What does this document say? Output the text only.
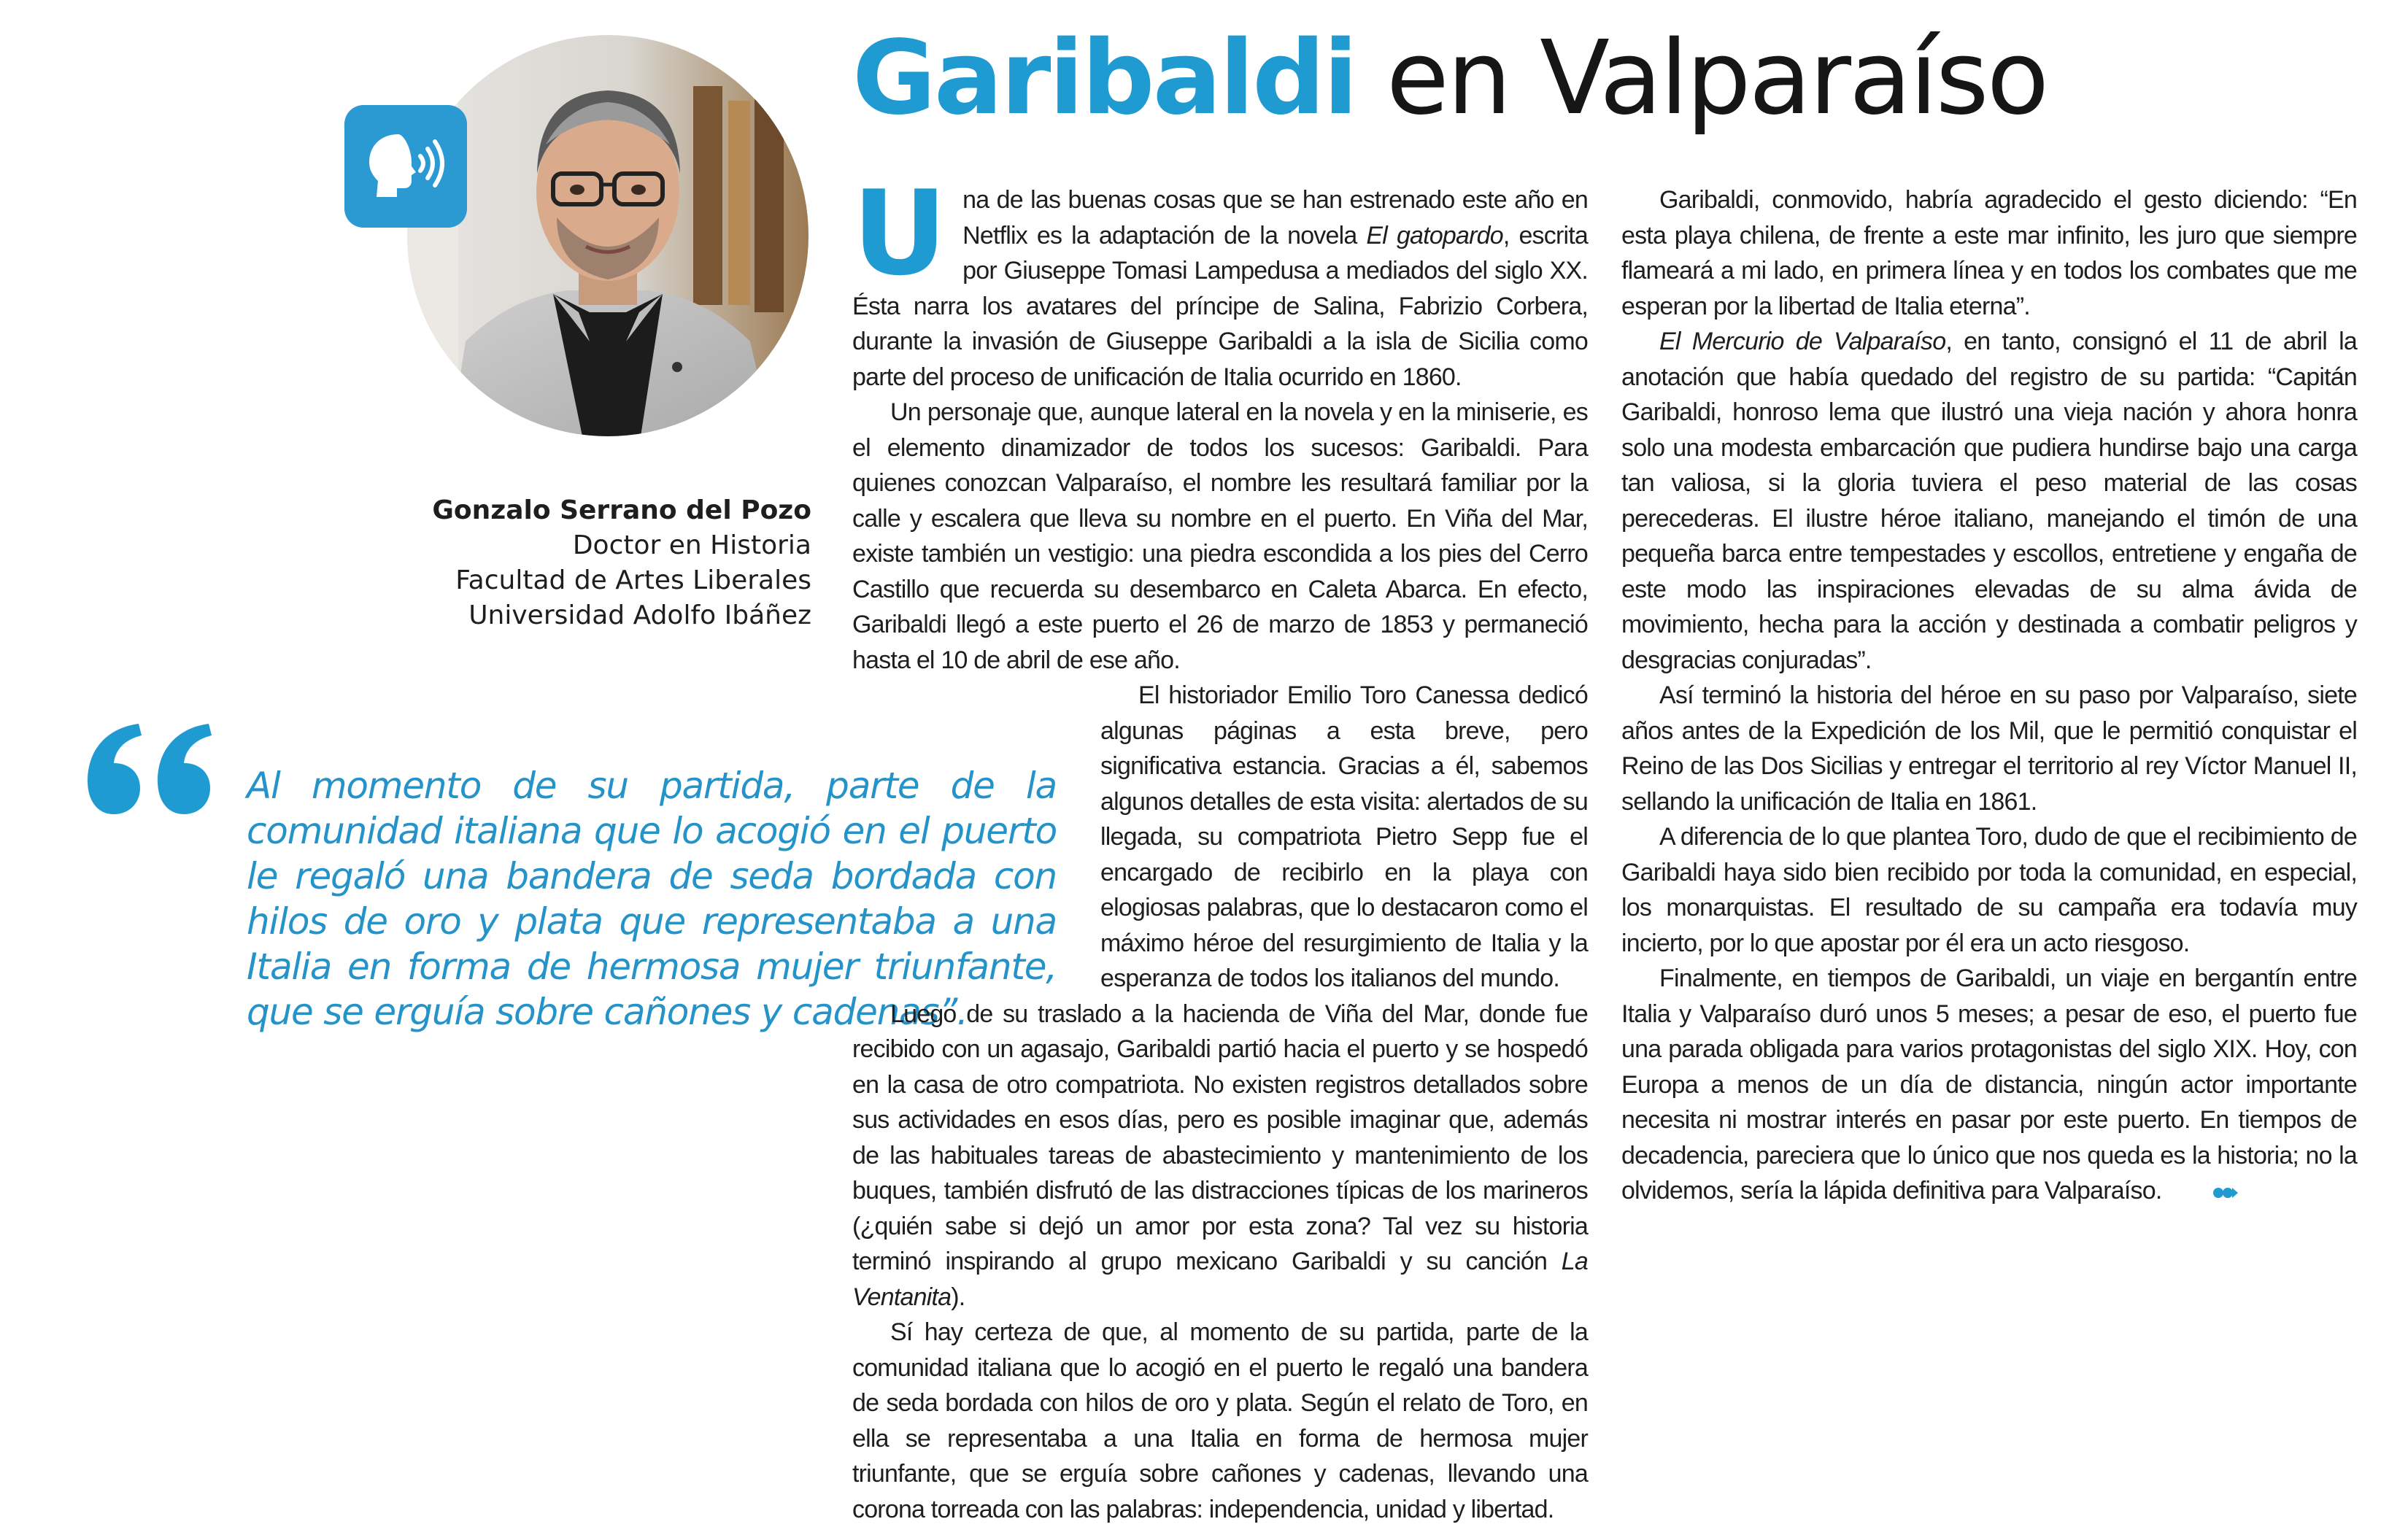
Garibaldi en Valparaíso
Gonzalo Serrano del Pozo
Doctor en Historia
Facultad de Artes Liberales
Universidad Adolfo Ibáñez

Al momento de su partida, parte de la comunidad italiana que lo acogió en el puerto le regaló una bandera de seda bordada con hilos de oro y plata que representaba a una Italia en forma de hermosa mujer triunfante, que se erguía sobre cañones y cadenas”.

Una de las buenas cosas que se han estrenado este año en Netflix es la adaptación de la novela El gatopardo, escrita por Giuseppe Tomasi Lampedusa a mediados del siglo XX. Ésta narra los avatares del príncipe de Salina, Fabrizio Corbera, durante la invasión de Giuseppe Garibaldi a la isla de Sicilia como parte del proceso de unificación de Italia ocurrido en 1860.

Un personaje que, aunque lateral en la novela y en la miniserie, es el elemento dinamizador de todos los sucesos: Garibaldi. Para quienes conozcan Valparaíso, el nombre les resultará familiar por la calle y escalera que lleva su nombre en el puerto. En Viña del Mar, existe también un vestigio: una piedra escondida a los pies del Cerro Castillo que recuerda su desembarco en Caleta Abarca. En efecto, Garibaldi llegó a este puerto el 26 de marzo de 1853 y permaneció hasta el 10 de abril de ese año.

El historiador Emilio Toro Canessa dedicó algunas páginas a esta breve, pero significativa estancia. Gracias a él, sabemos algunos detalles de esta visita: alertados de su llegada, su compatriota Pietro Sepp fue el encargado de recibirlo en la playa con elogiosas palabras, que lo destacaron como el máximo héroe del resurgimiento de Italia y la esperanza de todos los italianos del mundo.

Luego de su traslado a la hacienda de Viña del Mar, donde fue recibido con un agasajo, Garibaldi partió hacia el puerto y se hospedó en la casa de otro compatriota. No existen registros detallados sobre sus actividades en esos días, pero es posible imaginar que, además de las habituales tareas de abastecimiento y mantenimiento de los buques, también disfrutó de las distracciones típicas de los marineros (¿quién sabe si dejó un amor por esta zona? Tal vez su historia terminó inspirando al grupo mexicano Garibaldi y su canción La Ventanita).

Sí hay certeza de que, al momento de su partida, parte de la comunidad italiana que lo acogió en el puerto le regaló una bandera de seda bordada con hilos de oro y plata. Según el relato de Toro, en ella se representaba a una Italia en forma de hermosa mujer triunfante, que se erguía sobre cañones y cadenas, llevando una corona torreada con las palabras: independencia, unidad y libertad.

Garibaldi, conmovido, habría agradecido el gesto diciendo: “En esta playa chilena, de frente a este mar infinito, les juro que siempre flameará a mi lado, en primera línea y en todos los combates que me esperan por la libertad de Italia eterna”.

El Mercurio de Valparaíso, en tanto, consignó el 11 de abril la anotación que había quedado del registro de su partida: “Capitán Garibaldi, honroso lema que ilustró una vieja nación y ahora honra solo una modesta embarcación que pudiera hundirse bajo una carga tan valiosa, si la gloria tuviera el peso material de las cosas perecederas. El ilustre héroe italiano, manejando el timón de una pequeña barca entre tempestades y escollos, entretiene y engaña de este modo las inspiraciones elevadas de su alma ávida de movimiento, hecha para la acción y destinada a combatir peligros y desgracias conjuradas”.

Así terminó la historia del héroe en su paso por Valparaíso, siete años antes de la Expedición de los Mil, que le permitió conquistar el Reino de las Dos Sicilias y entregar el territorio al rey Víctor Manuel II, sellando la unificación de Italia en 1861.

A diferencia de lo que plantea Toro, dudo de que el recibimiento de Garibaldi haya sido bien recibido por toda la comunidad, en especial, los monarquistas. El resultado de su campaña era todavía muy incierto, por lo que apostar por él era un acto riesgoso.

Finalmente, en tiempos de Garibaldi, un viaje en bergantín entre Italia y Valparaíso duró unos 5 meses; a pesar de eso, el puerto fue una parada obligada para varios protagonistas del siglo XIX. Hoy, con Europa a menos de un día de distancia, ningún actor importante necesita ni mostrar interés en pasar por este puerto. En tiempos de decadencia, pareciera que lo único que nos queda es la historia; no la olvidemos, sería la lápida definitiva para Valparaíso.
